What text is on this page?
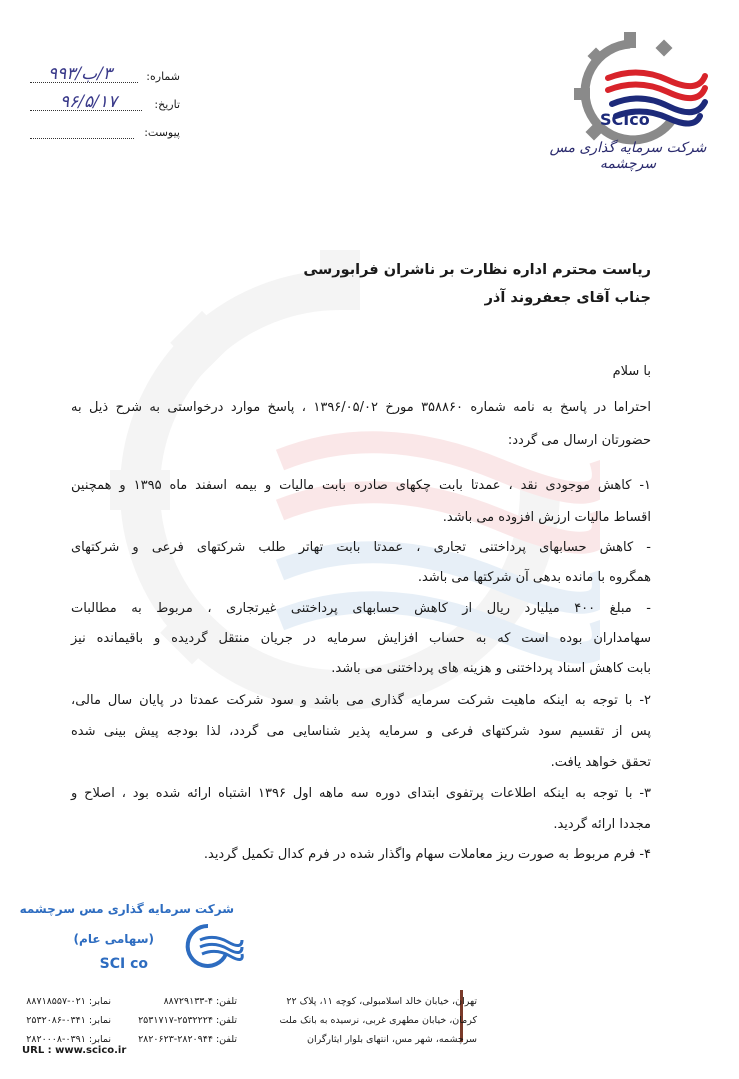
شماره:
۳/ب/۹۹۳
تاریخ:
۹۶/۵/۱۷
پیوست:
SCIco
شرکت سرمایه گذاری مس سرچشمه
ریاست محترم اداره نظارت بر ناشران فرابورسی
جناب آقای جعفروند آذر
با سلام
احتراما در پاسخ به نامه شماره ۳۵۸۸۶۰ مورخ ۱۳۹۶/۰۵/۰۲ ، پاسخ موارد درخواستی به شرح ذیل به
حضورتان ارسال می گردد:
۱- کاهش موجودی نقد ، عمدتا بابت چکهای صادره بابت مالیات و بیمه اسفند ماه ۱۳۹۵ و همچنین
اقساط مالیات ارزش افزوده می باشد.
- کاهش حسابهای پرداختنی تجاری ، عمدتا بابت تهاتر طلب شرکتهای فرعی و شرکتهای
همگروه با مانده بدهی آن شرکتها می باشد.
- مبلغ ۴۰۰ میلیارد ریال از کاهش حسابهای پرداختنی غیرتجاری ، مربوط به مطالبات
سهامداران بوده است که به حساب افزایش سرمایه در جریان منتقل گردیده و باقیمانده نیز
بابت کاهش اسناد پرداختنی و هزینه های پرداختنی می باشد.
۲- با توجه به اینکه ماهیت شرکت سرمایه گذاری می باشد و سود شرکت عمدتا در پایان سال مالی،
پس از تقسیم سود شرکتهای فرعی و سرمایه پذیر شناسایی می گردد، لذا بودجه پیش بینی شده
تحقق خواهد یافت.
۳- با توجه به اینکه اطلاعات پرتفوی ابتدای دوره سه ماهه اول ۱۳۹۶ اشتباه ارائه شده بود ، اصلاح و
مجددا ارائه گردید.
۴- فرم مربوط به صورت ریز معاملات سهام واگذار شده در فرم کدال تکمیل گردید.
شرکت سرمایه گذاری مس سرچشمه
(سهامی عام)
SCI co
تهران، خیابان خالد اسلامبولی، کوچه ۱۱، پلاک ۲۲
کرمان، خیابان مطهری غربی، نرسیده به بانک ملت
سرچشمه، شهر مس، انتهای بلوار ایثارگران
تلفن: ۴-۸۸۷۲۹۱۳۳
تلفن: ۲۵۳۲۲۲۴-۲۵۳۱۷۱۷
تلفن: ۲۸۲۰۹۴۴-۲۸۲۰۶۲۳
نمابر: ۰۲۱-۸۸۷۱۸۵۵۷
نمابر: ۰۳۴۱-۲۵۳۲۰۸۶
نمابر: ۰۳۹۱-۲۸۲۰۰۰۸
URL : www.scico.ir
